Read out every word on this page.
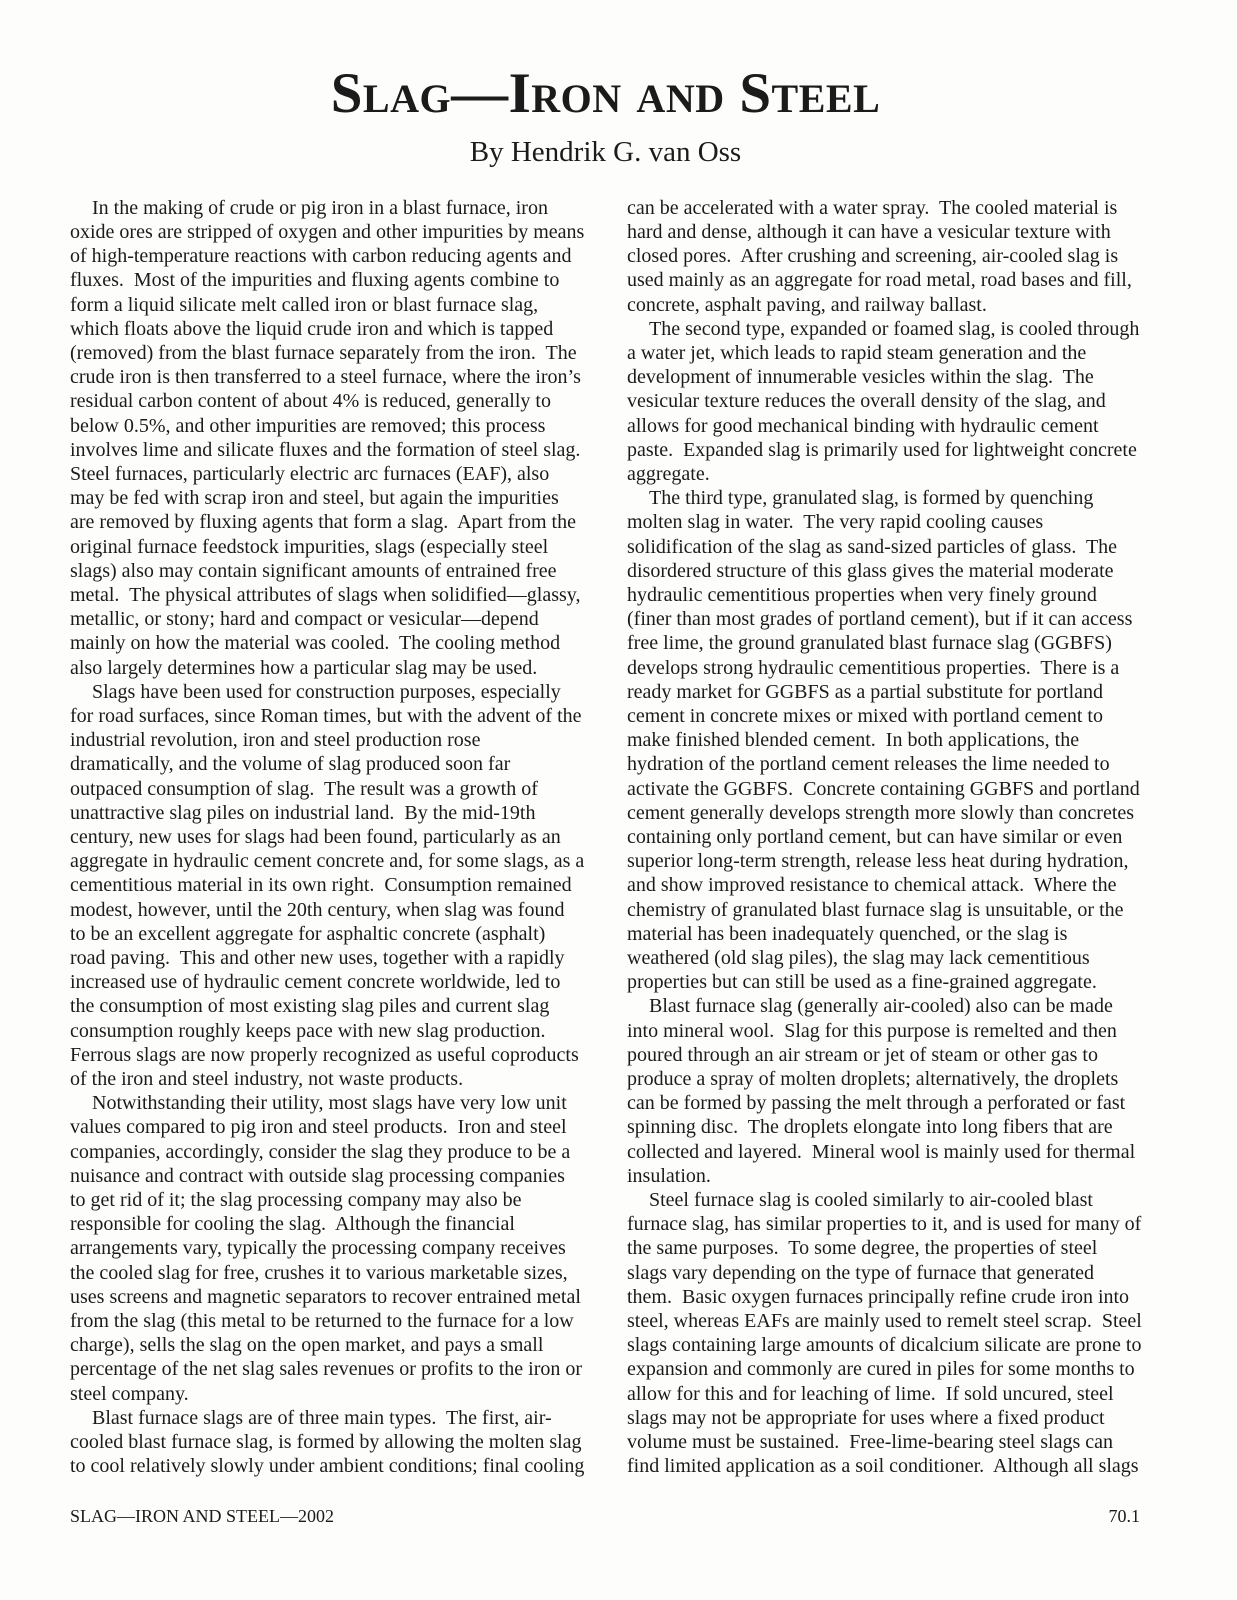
Slag—Iron and Steel
By Hendrik G. van Oss

In the making of crude or pig iron in a blast furnace, iron oxide ores are stripped of oxygen and other impurities by means of high-temperature reactions with carbon reducing agents and fluxes.  Most of the impurities and fluxing agents combine to form a liquid silicate melt called iron or blast furnace slag, which floats above the liquid crude iron and which is tapped (removed) from the blast furnace separately from the iron.  The crude iron is then transferred to a steel furnace, where the iron’s residual carbon content of about 4% is reduced, generally to below 0.5%, and other impurities are removed; this process involves lime and silicate fluxes and the formation of steel slag.  Steel furnaces, particularly electric arc furnaces (EAF), also may be fed with scrap iron and steel, but again the impurities are removed by fluxing agents that form a slag.  Apart from the original furnace feedstock impurities, slags (especially steel slags) also may contain significant amounts of entrained free metal.  The physical attributes of slags when solidified—glassy, metallic, or stony; hard and compact or vesicular—depend mainly on how the material was cooled.  The cooling method also largely determines how a particular slag may be used.

Slags have been used for construction purposes, especially for road surfaces, since Roman times, but with the advent of the industrial revolution, iron and steel production rose dramatically, and the volume of slag produced soon far outpaced consumption of slag.  The result was a growth of unattractive slag piles on industrial land.  By the mid-19th century, new uses for slags had been found, particularly as an aggregate in hydraulic cement concrete and, for some slags, as a cementitious material in its own right.  Consumption remained modest, however, until the 20th century, when slag was found to be an excellent aggregate for asphaltic concrete (asphalt) road paving.  This and other new uses, together with a rapidly increased use of hydraulic cement concrete worldwide, led to the consumption of most existing slag piles and current slag consumption roughly keeps pace with new slag production.  Ferrous slags are now properly recognized as useful coproducts of the iron and steel industry, not waste products.

Notwithstanding their utility, most slags have very low unit values compared to pig iron and steel products.  Iron and steel companies, accordingly, consider the slag they produce to be a nuisance and contract with outside slag processing companies to get rid of it; the slag processing company may also be responsible for cooling the slag.  Although the financial arrangements vary, typically the processing company receives the cooled slag for free, crushes it to various marketable sizes, uses screens and magnetic separators to recover entrained metal from the slag (this metal to be returned to the furnace for a low charge), sells the slag on the open market, and pays a small percentage of the net slag sales revenues or profits to the iron or steel company.

Blast furnace slags are of three main types.  The first, air-cooled blast furnace slag, is formed by allowing the molten slag to cool relatively slowly under ambient conditions; final cooling

can be accelerated with a water spray.  The cooled material is hard and dense, although it can have a vesicular texture with closed pores.  After crushing and screening, air-cooled slag is used mainly as an aggregate for road metal, road bases and fill, concrete, asphalt paving, and railway ballast.

The second type, expanded or foamed slag, is cooled through a water jet, which leads to rapid steam generation and the development of innumerable vesicles within the slag.  The vesicular texture reduces the overall density of the slag, and allows for good mechanical binding with hydraulic cement paste.  Expanded slag is primarily used for lightweight concrete aggregate.

The third type, granulated slag, is formed by quenching molten slag in water.  The very rapid cooling causes solidification of the slag as sand-sized particles of glass.  The disordered structure of this glass gives the material moderate hydraulic cementitious properties when very finely ground (finer than most grades of portland cement), but if it can access free lime, the ground granulated blast furnace slag (GGBFS) develops strong hydraulic cementitious properties.  There is a ready market for GGBFS as a partial substitute for portland cement in concrete mixes or mixed with portland cement to make finished blended cement.  In both applications, the hydration of the portland cement releases the lime needed to activate the GGBFS.  Concrete containing GGBFS and portland cement generally develops strength more slowly than concretes containing only portland cement, but can have similar or even superior long-term strength, release less heat during hydration, and show improved resistance to chemical attack.  Where the chemistry of granulated blast furnace slag is unsuitable, or the material has been inadequately quenched, or the slag is weathered (old slag piles), the slag may lack cementitious properties but can still be used as a fine-grained aggregate.

Blast furnace slag (generally air-cooled) also can be made into mineral wool.  Slag for this purpose is remelted and then poured through an air stream or jet of steam or other gas to produce a spray of molten droplets; alternatively, the droplets can be formed by passing the melt through a perforated or fast spinning disc.  The droplets elongate into long fibers that are collected and layered.  Mineral wool is mainly used for thermal insulation.

Steel furnace slag is cooled similarly to air-cooled blast furnace slag, has similar properties to it, and is used for many of the same purposes.  To some degree, the properties of steel slags vary depending on the type of furnace that generated them.  Basic oxygen furnaces principally refine crude iron into steel, whereas EAFs are mainly used to remelt steel scrap.  Steel slags containing large amounts of dicalcium silicate are prone to expansion and commonly are cured in piles for some months to allow for this and for leaching of lime.  If sold uncured, steel slags may not be appropriate for uses where a fixed product volume must be sustained.  Free-lime-bearing steel slags can find limited application as a soil conditioner.  Although all slags

SLAG—IRON AND STEEL—2002	70.1
